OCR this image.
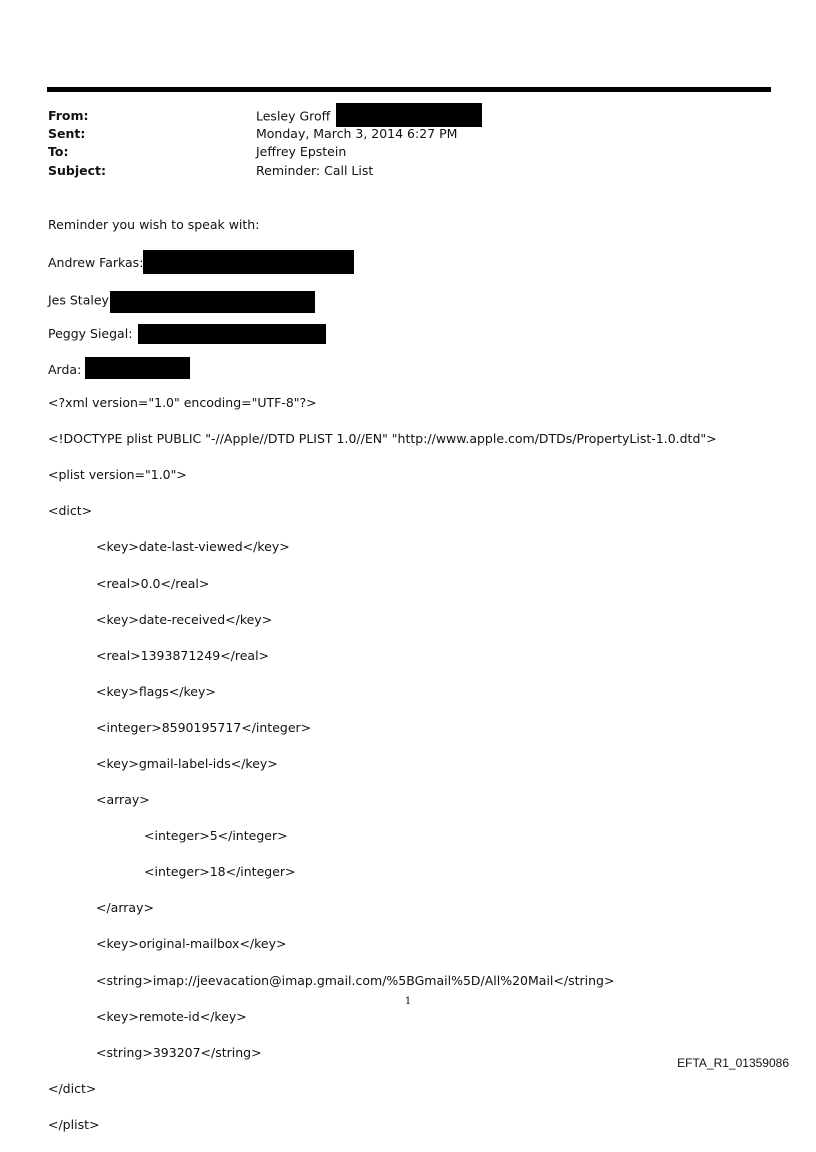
From:	Lesley Groff
Sent:	Monday, March 3, 2014 6:27 PM
To:	Jeffrey Epstein
Subject:	Reminder: Call List
Reminder you wish to speak with:
Andrew Farkas:
Jes Staley
Peggy Siegal:
Arda:

<?xml version="1.0" encoding="UTF-8"?>

<!DOCTYPE plist PUBLIC "-//Apple//DTD PLIST 1.0//EN" "http://www.apple.com/DTDs/PropertyList-1.0.dtd">

<plist version="1.0">

<dict>

<key>date-last-viewed</key>

<real>0.0</real>

<key>date-received</key>

<real>1393871249</real>

<key>flags</key>

<integer>8590195717</integer>

<key>gmail-label-ids</key>

<array>

<integer>5</integer>

<integer>18</integer>

</array>

<key>original-mailbox</key>

<string>imap://jeevacation@imap.gmail.com/%5BGmail%5D/All%20Mail</string>

<key>remote-id</key>

<string>393207</string>

</dict>

</plist>

1
EFTA_R1_01359086
